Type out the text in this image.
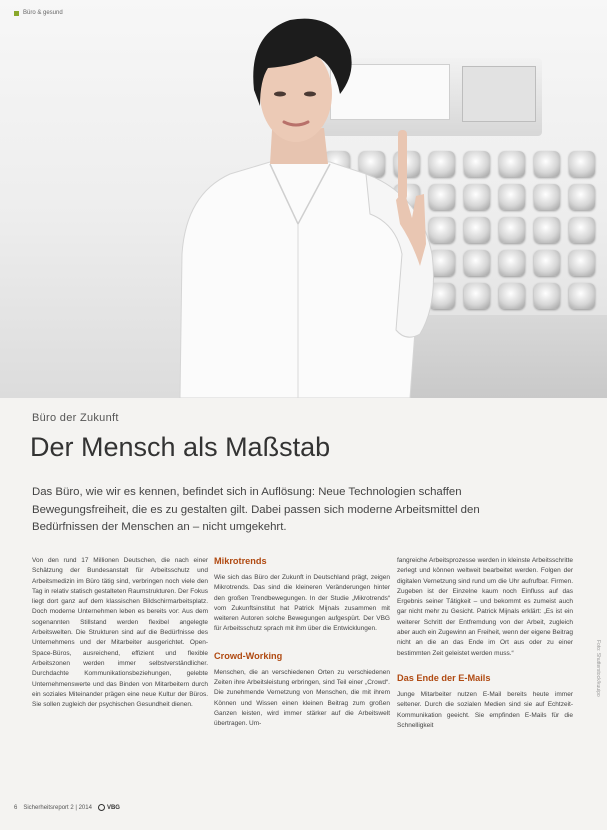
Büro & gesund
Büro der Zukunft
Der Mensch als Maßstab

Das Büro, wie wir es kennen, befindet sich in Auflösung: Neue Technologien schaffen Bewegungsfreiheit, die es zu gestalten gilt. Dabei passen sich moderne Arbeitsmittel den Bedürfnissen der Menschen an – nicht umgekehrt.

Von den rund 17 Millionen Deutschen, die nach einer Schätzung der Bundesanstalt für Arbeitsschutz und Arbeitsmedizin im Büro tätig sind, verbringen noch viele den Tag in relativ statisch gestalteten Raumstrukturen. Der Fokus liegt dort ganz auf dem klassischen Bildschirmarbeitsplatz. Doch moderne Unternehmen leben es bereits vor: Aus dem sogenannten Stillstand werden flexibel angelegte Arbeitswelten. Die Strukturen sind auf die Bedürfnisse des Unternehmens und der Mitarbeiter ausgerichtet. Open-Space-Büros, ausreichend, effizient und flexible Arbeitszonen werden immer selbstverständlicher. Durchdachte Kommunikationsbeziehungen, gelebte Unternehmenswerte und das Binden von Mitarbeitern durch ein soziales Miteinander prägen eine neue Kultur der Büros. Sie sollen zugleich der psychischen Gesundheit dienen.

Mikrotrends

Wie sich das Büro der Zukunft in Deutschland prägt, zeigen Mikrotrends. Das sind die kleineren Veränderungen hinter den großen Trendbewegungen. In der Studie „Mikrotrends“ vom Zukunftsinstitut hat Patrick Mijnals zusammen mit weiteren Autoren solche Bewegungen aufgespürt. Der VBG für Arbeitsschutz sprach mit ihm über die Entwicklungen.

Crowd-Working

Menschen, die an verschiedenen Orten zu verschiedenen Zeiten ihre Arbeitsleistung erbringen, sind Teil einer „Crowd“. Die zunehmende Vernetzung von Menschen, die mit ihrem Können und Wissen einen kleinen Beitrag zum großen Ganzen leisten, wird immer stärker auf die Arbeitswelt übertragen. Um-

fangreiche Arbeitsprozesse werden in kleinste Arbeitsschritte zerlegt und können weltweit bearbeitet werden. Folgen der digitalen Vernetzung sind rund um die Uhr aufrufbar. Firmen. Zugeben ist der Einzelne kaum noch Einfluss auf das Ergebnis seiner Tätigkeit – und bekommt es zumeist auch gar nicht mehr zu Gesicht. Patrick Mijnals erklärt: „Es ist ein weiterer Schritt der Entfremdung von der Arbeit, zugleich aber auch ein Zugewinn an Freiheit, wenn der eigene Beitrag nicht an die an das Ende im Ort aus oder zu einer bestimmten Zeit geleistet werden muss.“

Das Ende der E-Mails

Junge Mitarbeiter nutzen E-Mail bereits heute immer seltener. Durch die sozialen Medien sind sie auf Echtzeit-Kommunikation geeicht. Sie empfinden E-Mails für die Schnelligkeit

Foto: Shutterstock/kuuipo
6 Sicherheitsreport 2 | 2014	VBG
